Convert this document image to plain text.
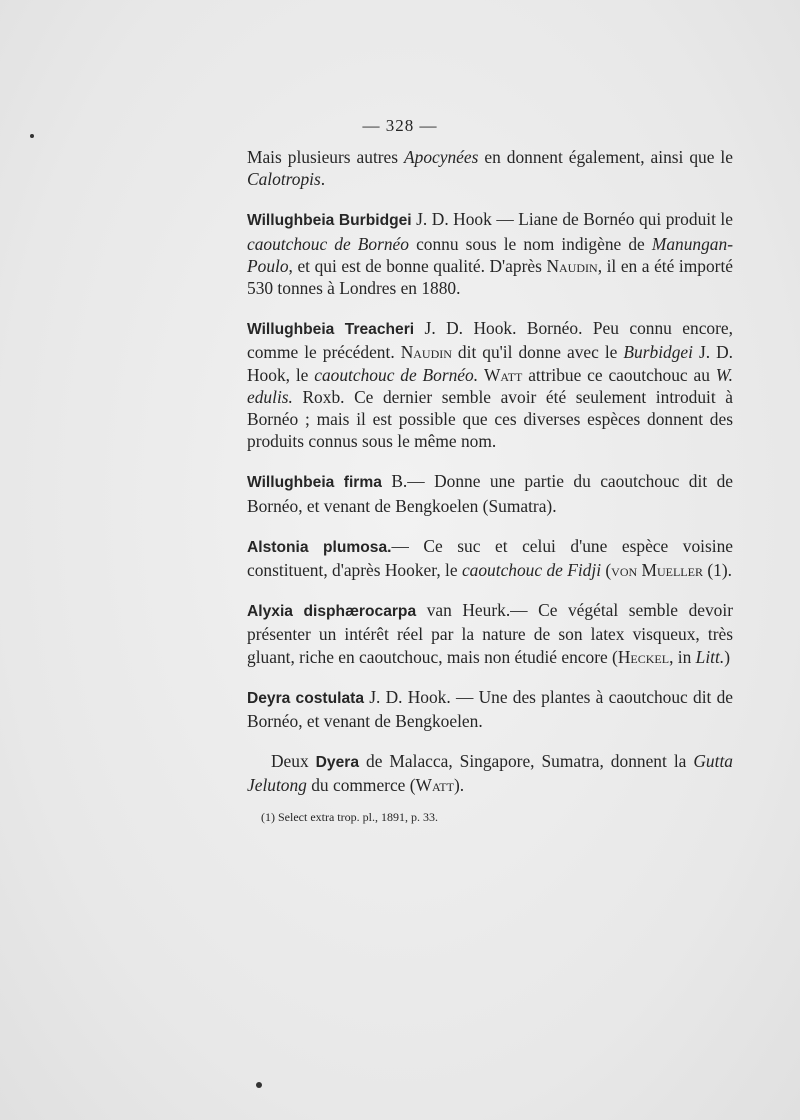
— 328 —

Mais plusieurs autres Apocynées en donnent également, ainsi que le Calotropis.

Willughbeia Burbidgei J. D. Hook — Liane de Bornéo qui produit le caoutchouc de Bornéo connu sous le nom indigène de Manungan-Poulo, et qui est de bonne qualité. D'après Naudin, il en a été importé 530 tonnes à Londres en 1880.

Willughbeia Treacheri J. D. Hook. Bornéo. Peu connu encore, comme le précédent. Naudin dit qu'il donne avec le Burbidgei J. D. Hook, le caoutchouc de Bornéo. Watt attribue ce caoutchouc au W. edulis. Roxb. Ce dernier semble avoir été seulement introduit à Bornéo ; mais il est possible que ces diverses espèces donnent des produits connus sous le même nom.

Willughbeia firma B.— Donne une partie du caoutchouc dit de Bornéo, et venant de Bengkoelen (Sumatra).

Alstonia plumosa.— Ce suc et celui d'une espèce voisine constituent, d'après Hooker, le caoutchouc de Fidji (von Mueller (1).

Alyxia disphærocarpa van Heurk.— Ce végétal semble devoir présenter un intérêt réel par la nature de son latex visqueux, très gluant, riche en caoutchouc, mais non étudié encore (Heckel, in Litt.)

Deyra costulata J. D. Hook. — Une des plantes à caoutchouc dit de Bornéo, et venant de Bengkoelen.

Deux Dyera de Malacca, Singapore, Sumatra, donnent la Gutta Jelutong du commerce (Watt).

(1) Select extra trop. pl., 1891, p. 33.
